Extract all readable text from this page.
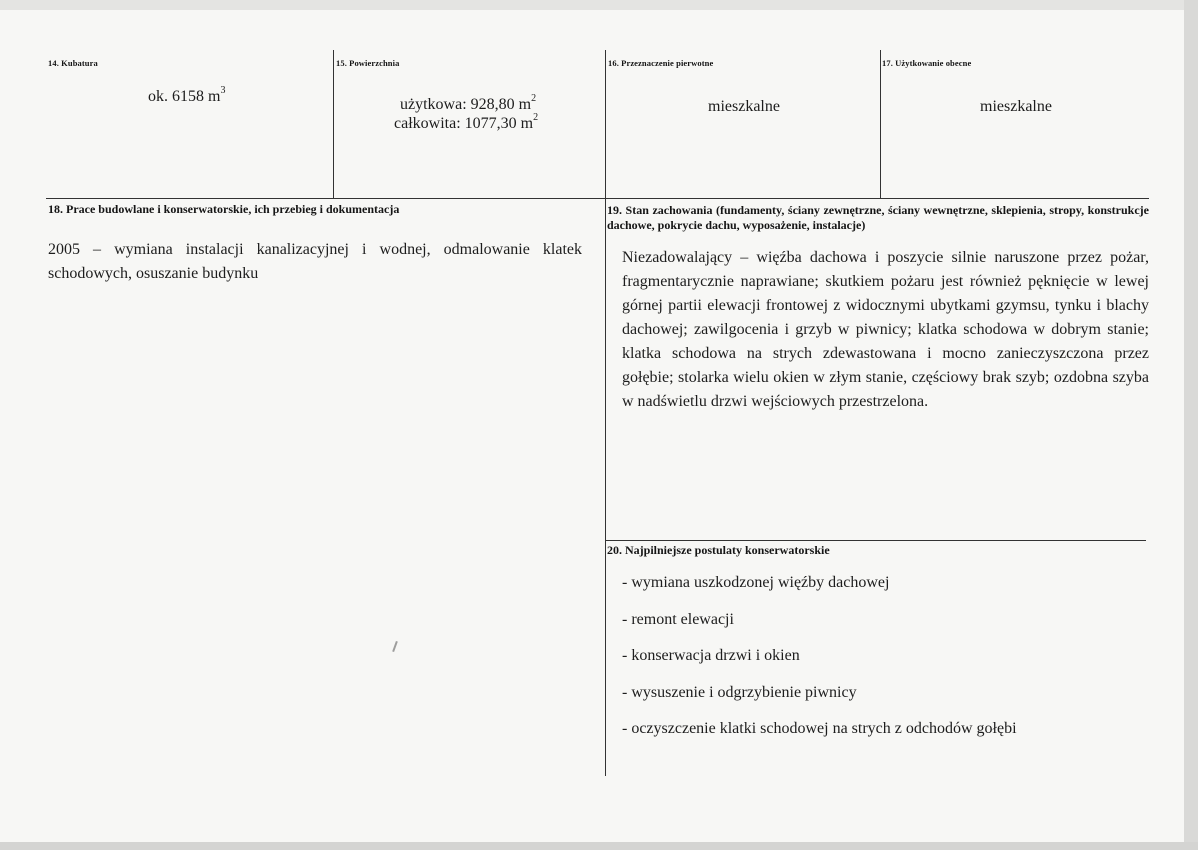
14. Kubatura
ok. 6158 $m^3$
15. Powierzchnia
użytkowa: 928,80 $m^2$
całkowita: 1077,30 $m^2$
16. Przeznaczenie pierwotne
mieszkalne
17. Użytkowanie obecne
mieszkalne
18. Prace budowlane i konserwatorskie, ich przebieg i dokumentacja
2005 – wymiana instalacji kanalizacyjnej i wodnej, odmalowanie klatek schodowych, osuszanie budynku
19. Stan zachowania (fundamenty, ściany zewnętrzne, ściany wewnętrzne, sklepienia, stropy, konstrukcje dachowe, pokrycie dachu, wyposażenie, instalacje)
Niezadowalający – więźba dachowa i poszycie silnie naruszone przez pożar, fragmentarycznie naprawiane; skutkiem pożaru jest również pęknięcie w lewej górnej partii elewacji frontowej z widocznymi ubytkami gzymsu, tynku i blachy dachowej; zawilgocenia i grzyb w piwnicy; klatka schodowa w dobrym stanie; klatka schodowa na strych zdewastowana i mocno zanieczyszczona przez gołębie; stolarka wielu okien w złym stanie, częściowy brak szyb; ozdobna szyba w nadświetlu drzwi wejściowych przestrzelona.
20. Najpilniejsze postulaty konserwatorskie
- wymiana uszkodzonej więźby dachowej
- remont elewacji
- konserwacja drzwi i okien
- wysuszenie i odgrzybienie piwnicy
- oczyszczenie klatki schodowej na strych z odchodów gołębi
